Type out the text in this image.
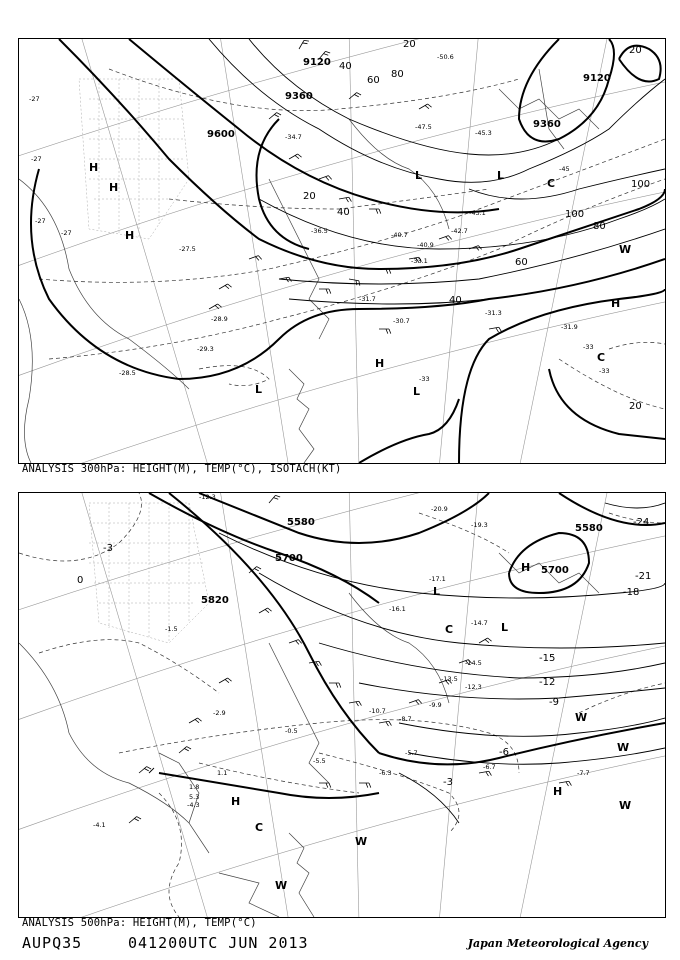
9120
9360
9600
9120
9360
20
40
60
80
100
20
40
60
80
100
20
40
20
H
H
H
W
L
L
C
L
H
H
L
C
-27
-27
-27
-27
-27.5
-28.9
-29.3
-28.5
-30.7
-31.7
-31.3
-31.9
-33.1
-34.7
-36.5	-40.7
-40.9
-42.7
-43.1
-45.3
-47.5
-50.6
-45
-33
-33
-33
ANALYSIS 300hPa: HEIGHT(M), TEMP(°C), ISOTACH(KT)
5580
5700
5820
5580
5700
-3
0
-24
-21
-18
-15
-12
-9
-6
-3
H
L
C
L
H
H
C
W
W
W
W
W
-12.3
-20.9
-19.3
-17.1
-16.1
-14.7
-14.5
-13.5
-12.3
-10.7
-9.9
-8.7
-7.7
-6.7
-6.3
-5.7
-5.5
-4.3
-4.1
-2.9
-1.5
-0.5
1.1
1.8
5.3
ANALYSIS 500hPa: HEIGHT(M), TEMP(°C)
AUPQ35	041200UTC JUN 2013	Japan Meteorological Agency
